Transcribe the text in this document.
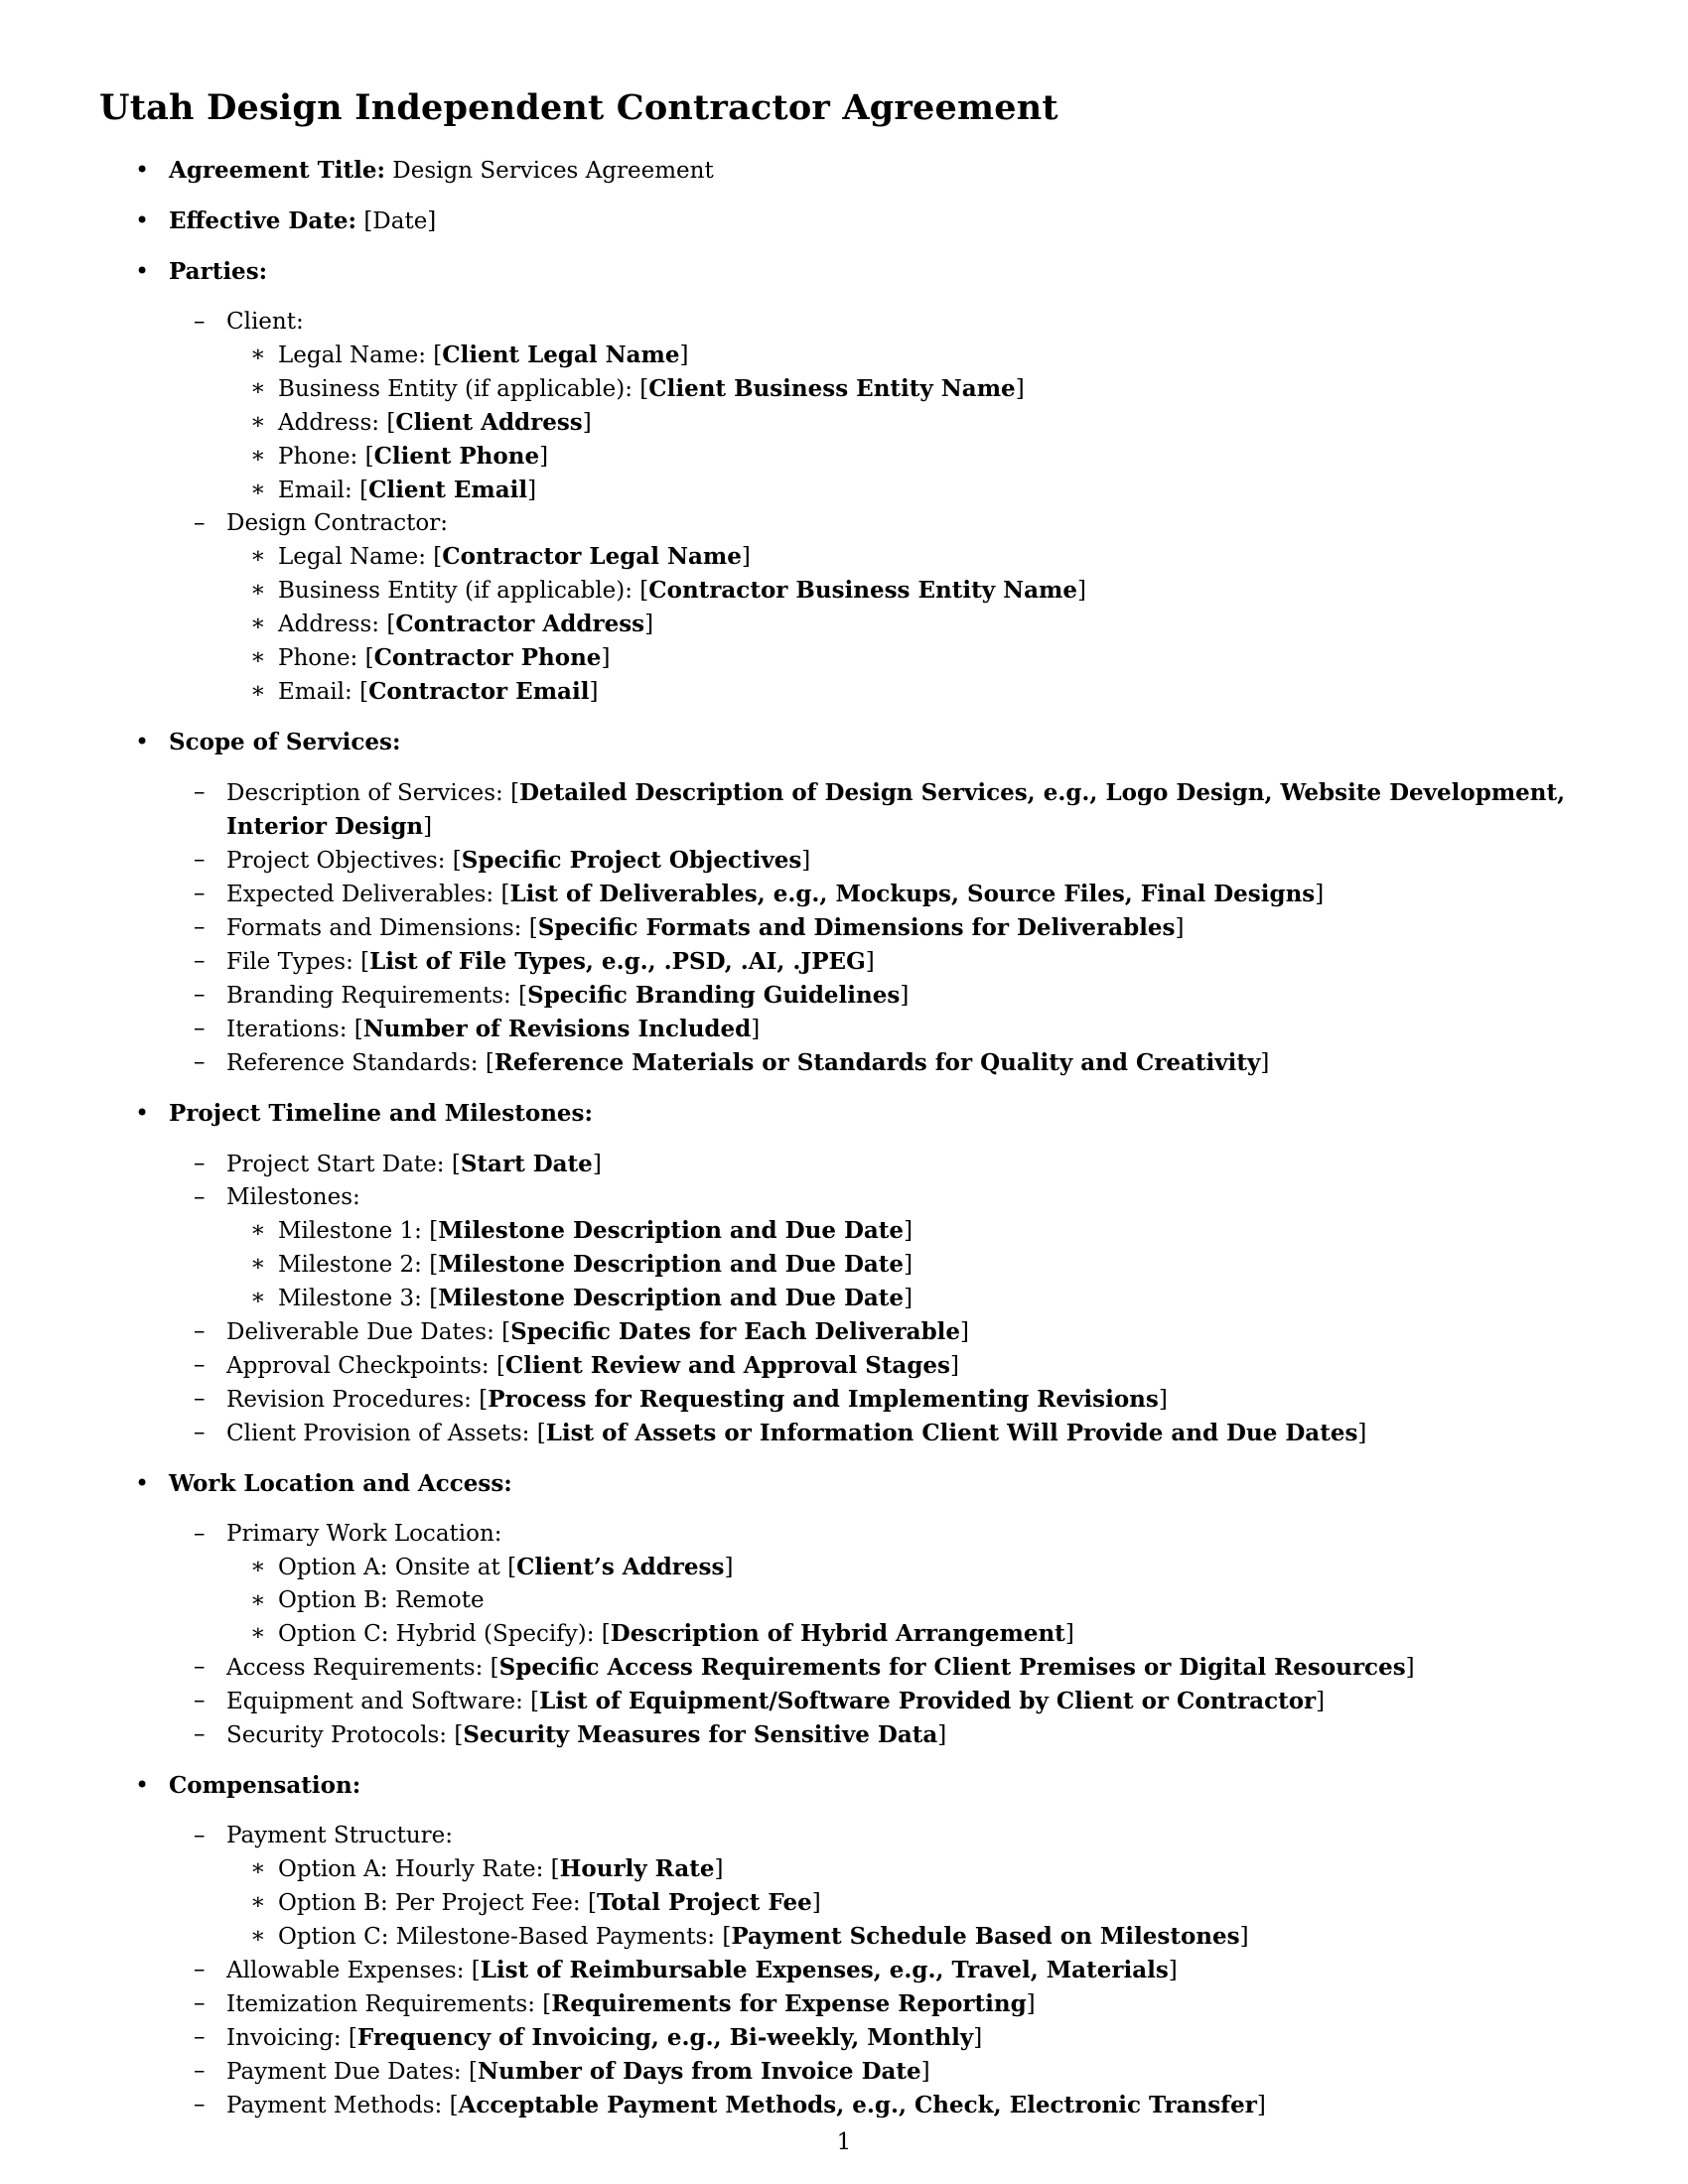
Utah Design Independent Contractor Agreement
• Agreement Title: Design Services Agreement
• Effective Date: [Date]
• Parties:
– Client:
∗ Legal Name: [Client Legal Name]
∗ Business Entity (if applicable): [Client Business Entity Name]
∗ Address: [Client Address]
∗ Phone: [Client Phone]
∗ Email: [Client Email]
– Design Contractor:
∗ Legal Name: [Contractor Legal Name]
∗ Business Entity (if applicable): [Contractor Business Entity Name]
∗ Address: [Contractor Address]
∗ Phone: [Contractor Phone]
∗ Email: [Contractor Email]
• Scope of Services:
– Description of Services: [Detailed Description of Design Services, e.g., Logo Design, Website Development, Interior Design]
– Project Objectives: [Specific Project Objectives]
– Expected Deliverables: [List of Deliverables, e.g., Mockups, Source Files, Final Designs]
– Formats and Dimensions: [Specific Formats and Dimensions for Deliverables]
– File Types: [List of File Types, e.g., .PSD, .AI, .JPEG]
– Branding Requirements: [Specific Branding Guidelines]
– Iterations: [Number of Revisions Included]
– Reference Standards: [Reference Materials or Standards for Quality and Creativity]
• Project Timeline and Milestones:
– Project Start Date: [Start Date]
– Milestones:
∗ Milestone 1: [Milestone Description and Due Date]
∗ Milestone 2: [Milestone Description and Due Date]
∗ Milestone 3: [Milestone Description and Due Date]
– Deliverable Due Dates: [Specific Dates for Each Deliverable]
– Approval Checkpoints: [Client Review and Approval Stages]
– Revision Procedures: [Process for Requesting and Implementing Revisions]
– Client Provision of Assets: [List of Assets or Information Client Will Provide and Due Dates]
• Work Location and Access:
– Primary Work Location:
∗ Option A: Onsite at [Client’s Address]
∗ Option B: Remote
∗ Option C: Hybrid (Specify): [Description of Hybrid Arrangement]
– Access Requirements: [Specific Access Requirements for Client Premises or Digital Resources]
– Equipment and Software: [List of Equipment/Software Provided by Client or Contractor]
– Security Protocols: [Security Measures for Sensitive Data]
• Compensation:
– Payment Structure:
∗ Option A: Hourly Rate: [Hourly Rate]
∗ Option B: Per Project Fee: [Total Project Fee]
∗ Option C: Milestone-Based Payments: [Payment Schedule Based on Milestones]
– Allowable Expenses: [List of Reimbursable Expenses, e.g., Travel, Materials]
– Itemization Requirements: [Requirements for Expense Reporting]
– Invoicing: [Frequency of Invoicing, e.g., Bi-weekly, Monthly]
– Payment Due Dates: [Number of Days from Invoice Date]
– Payment Methods: [Acceptable Payment Methods, e.g., Check, Electronic Transfer]
1
